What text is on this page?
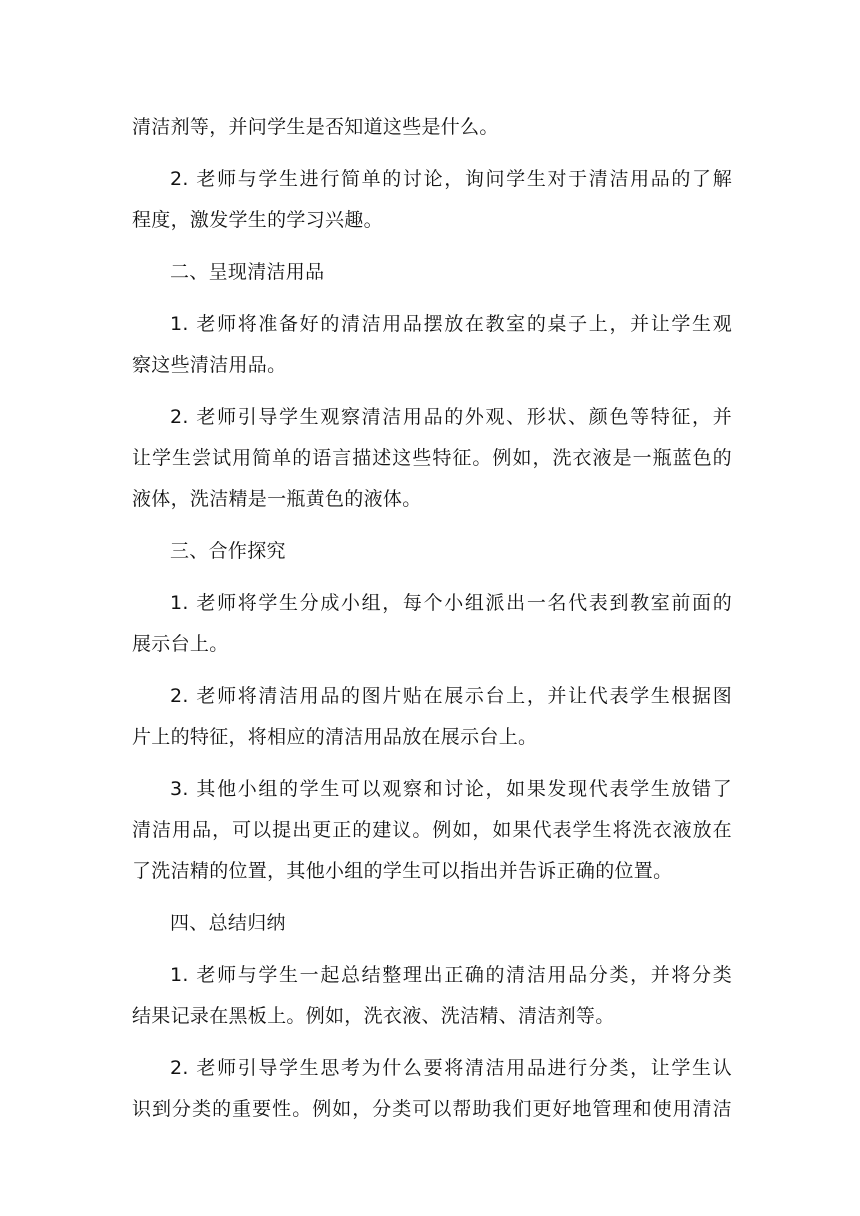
清洁剂等，并问学生是否知道这些是什么。
2. 老师与学生进行简单的讨论，询问学生对于清洁用品的了解
程度，激发学生的学习兴趣。
二、呈现清洁用品
1. 老师将准备好的清洁用品摆放在教室的桌子上，并让学生观
察这些清洁用品。
2. 老师引导学生观察清洁用品的外观、形状、颜色等特征，并
让学生尝试用简单的语言描述这些特征。例如，洗衣液是一瓶蓝色的
液体，洗洁精是一瓶黄色的液体。
三、合作探究
1. 老师将学生分成小组，每个小组派出一名代表到教室前面的
展示台上。
2. 老师将清洁用品的图片贴在展示台上，并让代表学生根据图
片上的特征，将相应的清洁用品放在展示台上。
3. 其他小组的学生可以观察和讨论，如果发现代表学生放错了
清洁用品，可以提出更正的建议。例如，如果代表学生将洗衣液放在
了洗洁精的位置，其他小组的学生可以指出并告诉正确的位置。
四、总结归纳
1. 老师与学生一起总结整理出正确的清洁用品分类，并将分类
结果记录在黑板上。例如，洗衣液、洗洁精、清洁剂等。
2. 老师引导学生思考为什么要将清洁用品进行分类，让学生认
识到分类的重要性。例如，分类可以帮助我们更好地管理和使用清洁
